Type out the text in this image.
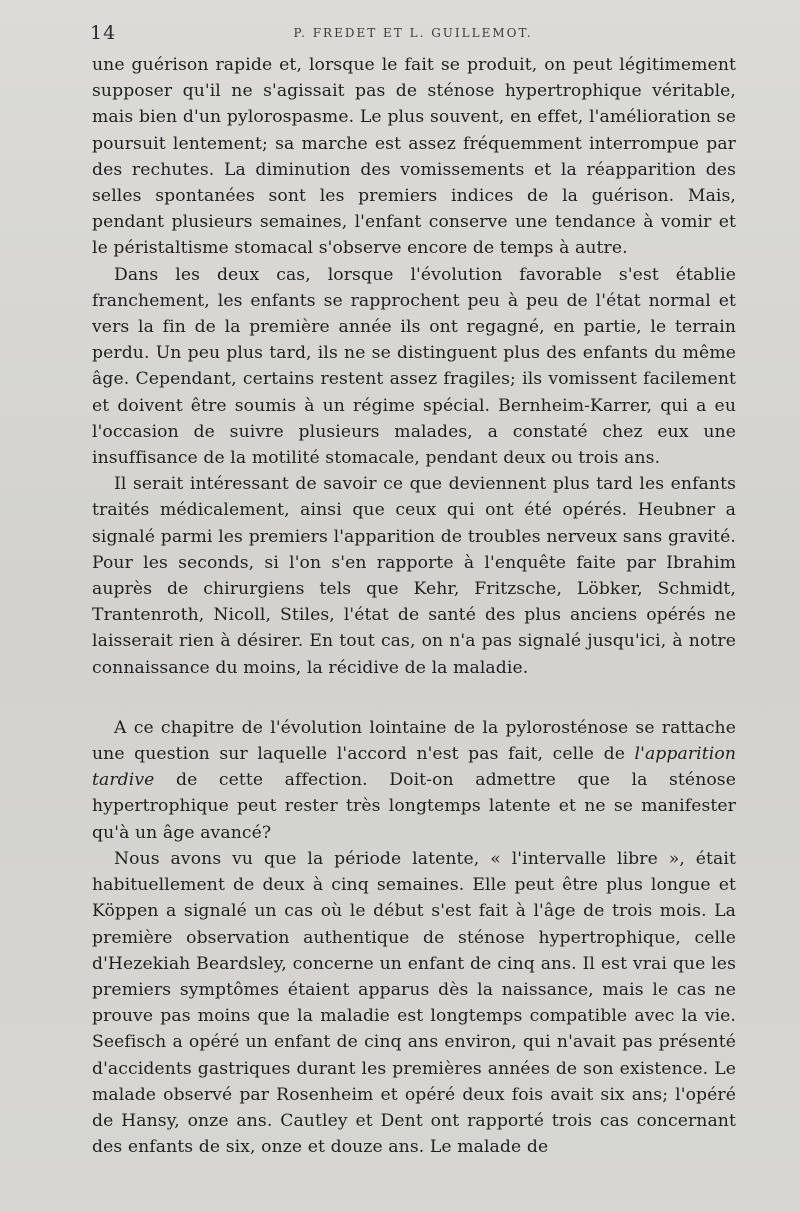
14	P. FREDET ET L. GUILLEMOT.

une guérison rapide et, lorsque le fait se produit, on peut légitimement supposer qu'il ne s'agissait pas de sténose hypertrophique véritable, mais bien d'un pylorospasme. Le plus souvent, en effet, l'amélioration se poursuit lentement; sa marche est assez fréquemment interrompue par des rechutes. La diminution des vomissements et la réapparition des selles spontanées sont les premiers indices de la guérison. Mais, pendant plusieurs semaines, l'enfant conserve une tendance à vomir et le péristaltisme stomacal s'observe encore de temps à autre.

Dans les deux cas, lorsque l'évolution favorable s'est établie franchement, les enfants se rapprochent peu à peu de l'état normal et vers la fin de la première année ils ont regagné, en partie, le terrain perdu. Un peu plus tard, ils ne se distinguent plus des enfants du même âge. Cependant, certains restent assez fragiles; ils vomissent facilement et doivent être soumis à un régime spécial. Bernheim-Karrer, qui a eu l'occasion de suivre plusieurs malades, a constaté chez eux une insuffisance de la motilité stomacale, pendant deux ou trois ans.

Il serait intéressant de savoir ce que deviennent plus tard les enfants traités médicalement, ainsi que ceux qui ont été opérés. Heubner a signalé parmi les premiers l'apparition de troubles nerveux sans gravité. Pour les seconds, si l'on s'en rapporte à l'enquête faite par Ibrahim auprès de chirurgiens tels que Kehr, Fritzsche, Löbker, Schmidt, Trantenroth, Nicoll, Stiles, l'état de santé des plus anciens opérés ne laisserait rien à désirer. En tout cas, on n'a pas signalé jusqu'ici, à notre connaissance du moins, la récidive de la maladie.

A ce chapitre de l'évolution lointaine de la pylorosténose se rattache une question sur laquelle l'accord n'est pas fait, celle de l'apparition tardive de cette affection. Doit-on admettre que la sténose hypertrophique peut rester très longtemps latente et ne se manifester qu'à un âge avancé?

Nous avons vu que la période latente, « l'intervalle libre », était habituellement de deux à cinq semaines. Elle peut être plus longue et Köppen a signalé un cas où le début s'est fait à l'âge de trois mois. La première observation authentique de sténose hypertrophique, celle d'Hezekiah Beardsley, concerne un enfant de cinq ans. Il est vrai que les premiers symptômes étaient apparus dès la naissance, mais le cas ne prouve pas moins que la maladie est longtemps compatible avec la vie. Seefisch a opéré un enfant de cinq ans environ, qui n'avait pas présenté d'accidents gastriques durant les premières années de son existence. Le malade observé par Rosenheim et opéré deux fois avait six ans; l'opéré de Hansy, onze ans. Cautley et Dent ont rapporté trois cas concernant des enfants de six, onze et douze ans. Le malade de
